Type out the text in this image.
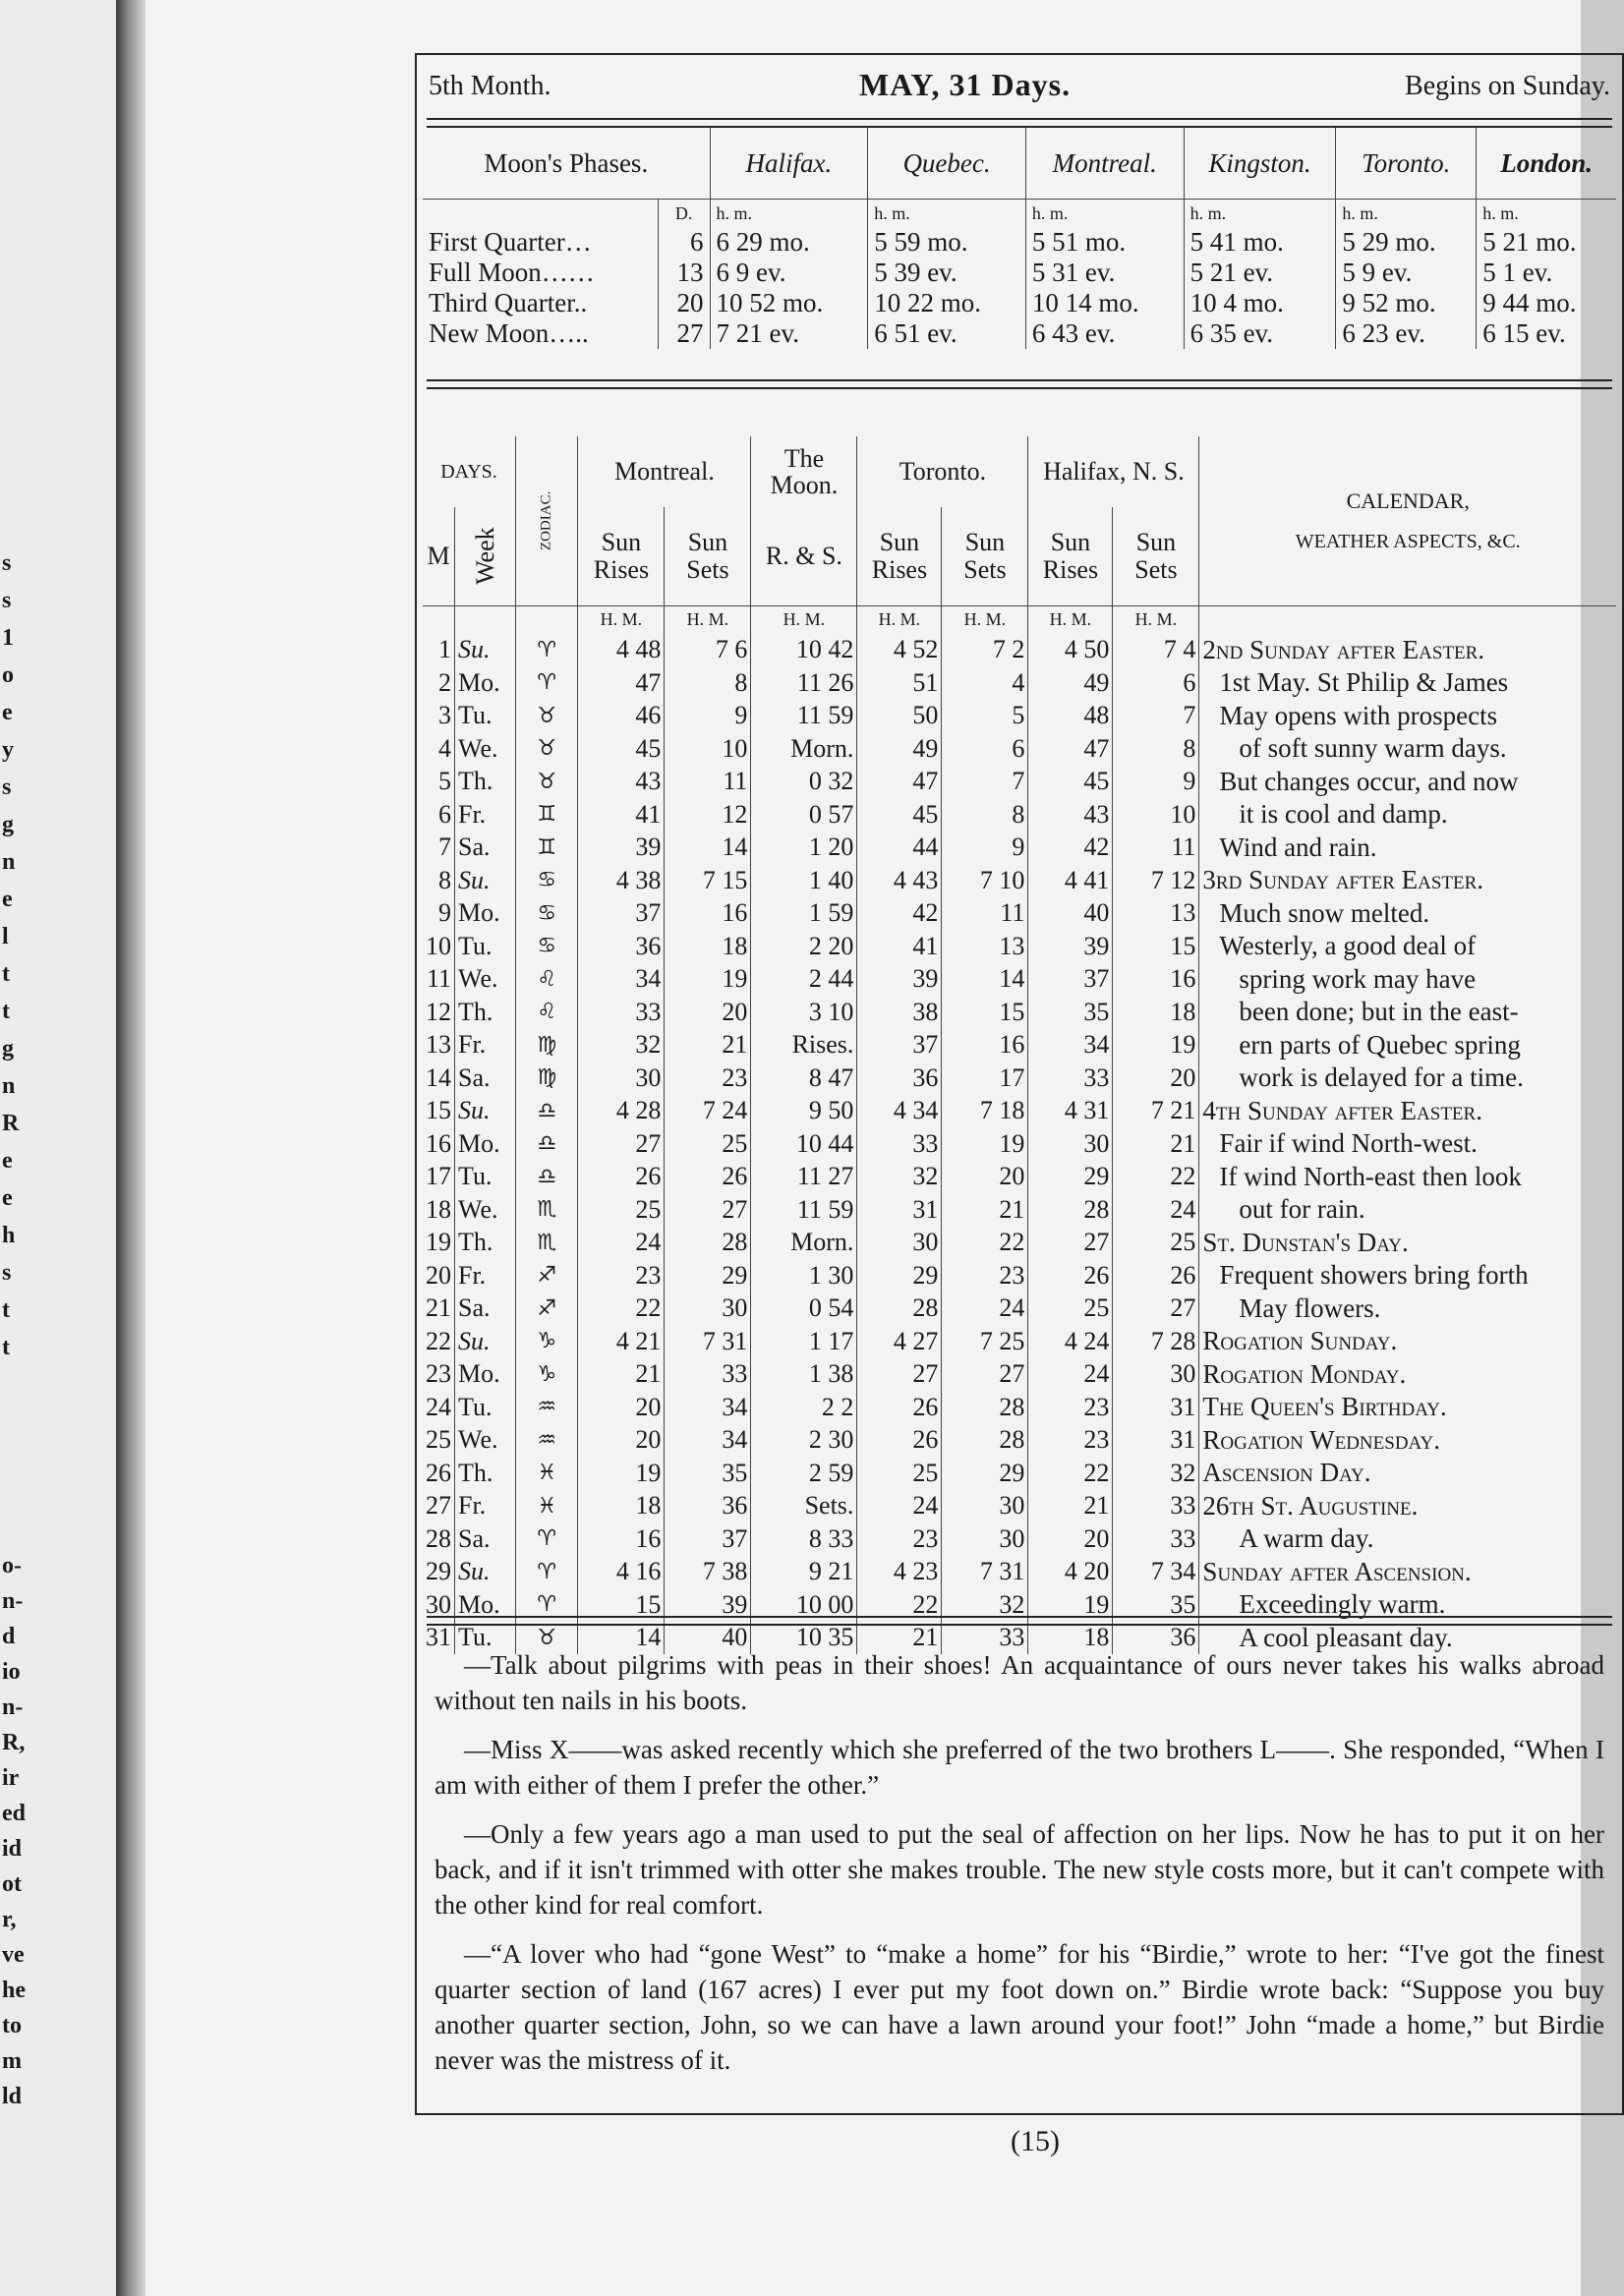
s
s
1
o
e
y
s
g
n
e
l
t
t
g
n
R
e
e
h
s
t
t
o-
n-
d
io
n-
R,
ir
ed
id
ot
r,
ve
he
to
m
ld
5th Month.	MAY, 31 Days.	Begins on Sunday.
Moon's Phases.		Halifax.	Quebec.	Montreal.	Kingston.	Toronto.	London.
	D.	h. m.	h. m.	h. m.	h. m.	h. m.	h. m.
First Quarter…	6	6 29 mo.	5 59 mo.	5 51 mo.	5 41 mo.	5 29 mo.	5 21 mo.
Full Moon……	13	6 9 ev.	5 39 ev.	5 31 ev.	5 21 ev.	5 9 ev.	5 1 ev.
Third Quarter..	20	10 52 mo.	10 22 mo.	10 14 mo.	10 4 mo.	9 52 mo.	9 44 mo.
New Moon…..	27	7 21 ev.	6 51 ev.	6 43 ev.	6 35 ev.	6 23 ev.	6 15 ev.
DAYS.		ZODIAC.	Montreal.		The Moon.	Toronto.		Halifax, N. S.		CALENDAR,
WEATHER ASPECTS, &C.

M	Week		Sun Rises	Sun Sets	R. & S.	Sun Rises	Sun Sets	Sun Rises	Sun Sets	
			H. M.	H. M.	H. M.	H. M.	H. M.	H. M.	H. M.	
1	Su.	♈	4 48	7 6	10 42	4 52	7 2	4 50	7 4	2nd Sunday after Easter.
2	Mo.	♈	47	8	11 26	51	4	49	6	1st May. St Philip & James
3	Tu.	♉	46	9	11 59	50	5	48	7	May opens with prospects
4	We.	♉	45	10	Morn.	49	6	47	8	of soft sunny warm days.
5	Th.	♉	43	11	0 32	47	7	45	9	But changes occur, and now
6	Fr.	♊	41	12	0 57	45	8	43	10	it is cool and damp.
7	Sa.	♊	39	14	1 20	44	9	42	11	Wind and rain.
8	Su.	♋	4 38	7 15	1 40	4 43	7 10	4 41	7 12	3rd Sunday after Easter.
9	Mo.	♋	37	16	1 59	42	11	40	13	Much snow melted.
10	Tu.	♋	36	18	2 20	41	13	39	15	Westerly, a good deal of
11	We.	♌	34	19	2 44	39	14	37	16	spring work may have
12	Th.	♌	33	20	3 10	38	15	35	18	been done; but in the east-
13	Fr.	♍	32	21	Rises.	37	16	34	19	ern parts of Quebec spring
14	Sa.	♍	30	23	8 47	36	17	33	20	work is delayed for a time.
15	Su.	♎	4 28	7 24	9 50	4 34	7 18	4 31	7 21	4th Sunday after Easter.
16	Mo.	♎	27	25	10 44	33	19	30	21	Fair if wind North-west.
17	Tu.	♎	26	26	11 27	32	20	29	22	If wind North-east then look
18	We.	♏	25	27	11 59	31	21	28	24	out for rain.
19	Th.	♏	24	28	Morn.	30	22	27	25	St. Dunstan's Day.
20	Fr.	♐	23	29	1 30	29	23	26	26	Frequent showers bring forth
21	Sa.	♐	22	30	0 54	28	24	25	27	May flowers.
22	Su.	♑	4 21	7 31	1 17	4 27	7 25	4 24	7 28	Rogation Sunday.
23	Mo.	♑	21	33	1 38	27	27	24	30	Rogation Monday.
24	Tu.	♒	20	34	2 2	26	28	23	31	The Queen's Birthday.
25	We.	♒	20	34	2 30	26	28	23	31	Rogation Wednesday.
26	Th.	♓	19	35	2 59	25	29	22	32	Ascension Day.
27	Fr.	♓	18	36	Sets.	24	30	21	33	26th St. Augustine.
28	Sa.	♈	16	37	8 33	23	30	20	33	A warm day.
29	Su.	♈	4 16	7 38	9 21	4 23	7 31	4 20	7 34	Sunday after Ascension.
30	Mo.	♈	15	39	10 00	22	32	19	35	Exceedingly warm.
31	Tu.	♉	14	40	10 35	21	33	18	36	A cool pleasant day.

—Talk about pilgrims with peas in their shoes! An acquaintance of ours never takes his walks abroad without ten nails in his boots.

—Miss X——was asked recently which she preferred of the two brothers L——. She responded, “When I am with either of them I prefer the other.”

—Only a few years ago a man used to put the seal of affection on her lips. Now he has to put it on her back, and if it isn't trimmed with otter she makes trouble. The new style costs more, but it can't compete with the other kind for real comfort.

—“A lover who had “gone West” to “make a home” for his “Birdie,” wrote to her: “I've got the finest quarter section of land (167 acres) I ever put my foot down on.” Birdie wrote back: “Suppose you buy another quarter section, John, so we can have a lawn around your foot!” John “made a home,” but Birdie never was the mistress of it.

(15)
